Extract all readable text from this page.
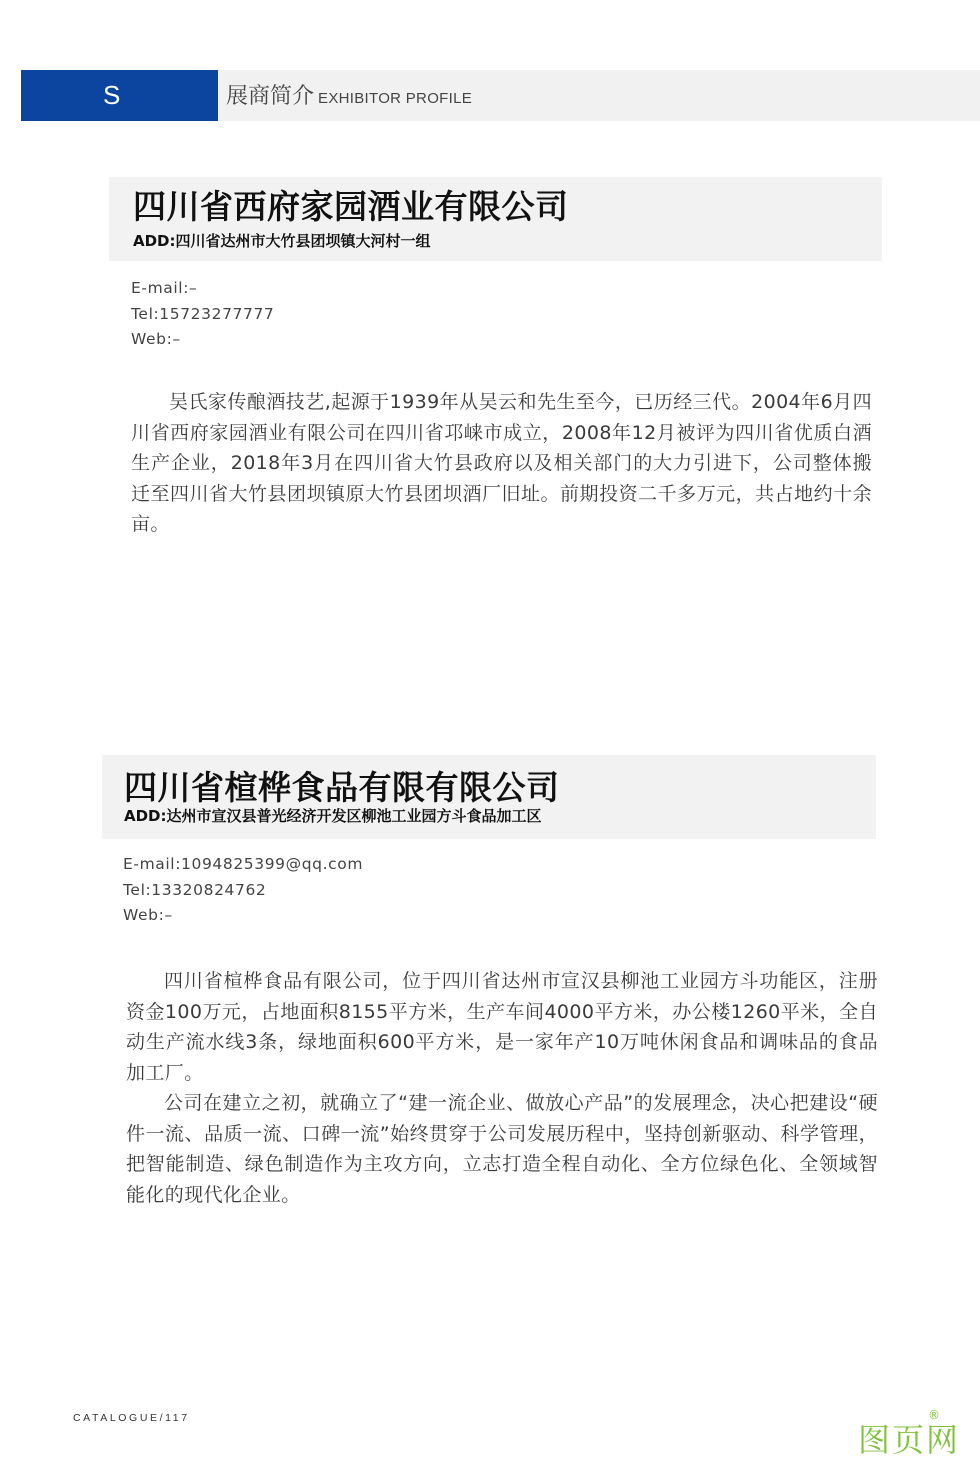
S	展商简介 EXHIBITOR PROFILE
四川省西府家园酒业有限公司
ADD:四川省达州市大竹县团坝镇大河村一组
E-mail:–
Tel:15723277777
Web:–

吴氏家传酿酒技艺,起源于1939年从吴云和先生至今，已历经三代。2004年6月四川省西府家园酒业有限公司在四川省邛崃市成立，2008年12月被评为四川省优质白酒生产企业，2018年3月在四川省大竹县政府以及相关部门的大力引进下，公司整体搬迁至四川省大竹县团坝镇原大竹县团坝酒厂旧址。前期投资二千多万元，共占地约十余亩。

四川省楦桦食品有限有限公司
ADD:达州市宣汉县普光经济开发区柳池工业园方斗食品加工区
E-mail:1094825399@qq.com
Tel:13320824762
Web:–

四川省楦桦食品有限公司，位于四川省达州市宣汉县柳池工业园方斗功能区，注册资金100万元，占地面积8155平方米，生产车间4000平方米，办公楼1260平米，全自动生产流水线3条，绿地面积600平方米，是一家年产10万吨休闲食品和调味品的食品加工厂。

公司在建立之初，就确立了“建一流企业、做放心产品”的发展理念，决心把建设“硬件一流、品质一流、口碑一流”始终贯穿于公司发展历程中，坚持创新驱动、科学管理，把智能制造、绿色制造作为主攻方向，立志打造全程自动化、全方位绿色化、全领域智能化的现代化企业。

CATALOGUE/117
图页网
®
